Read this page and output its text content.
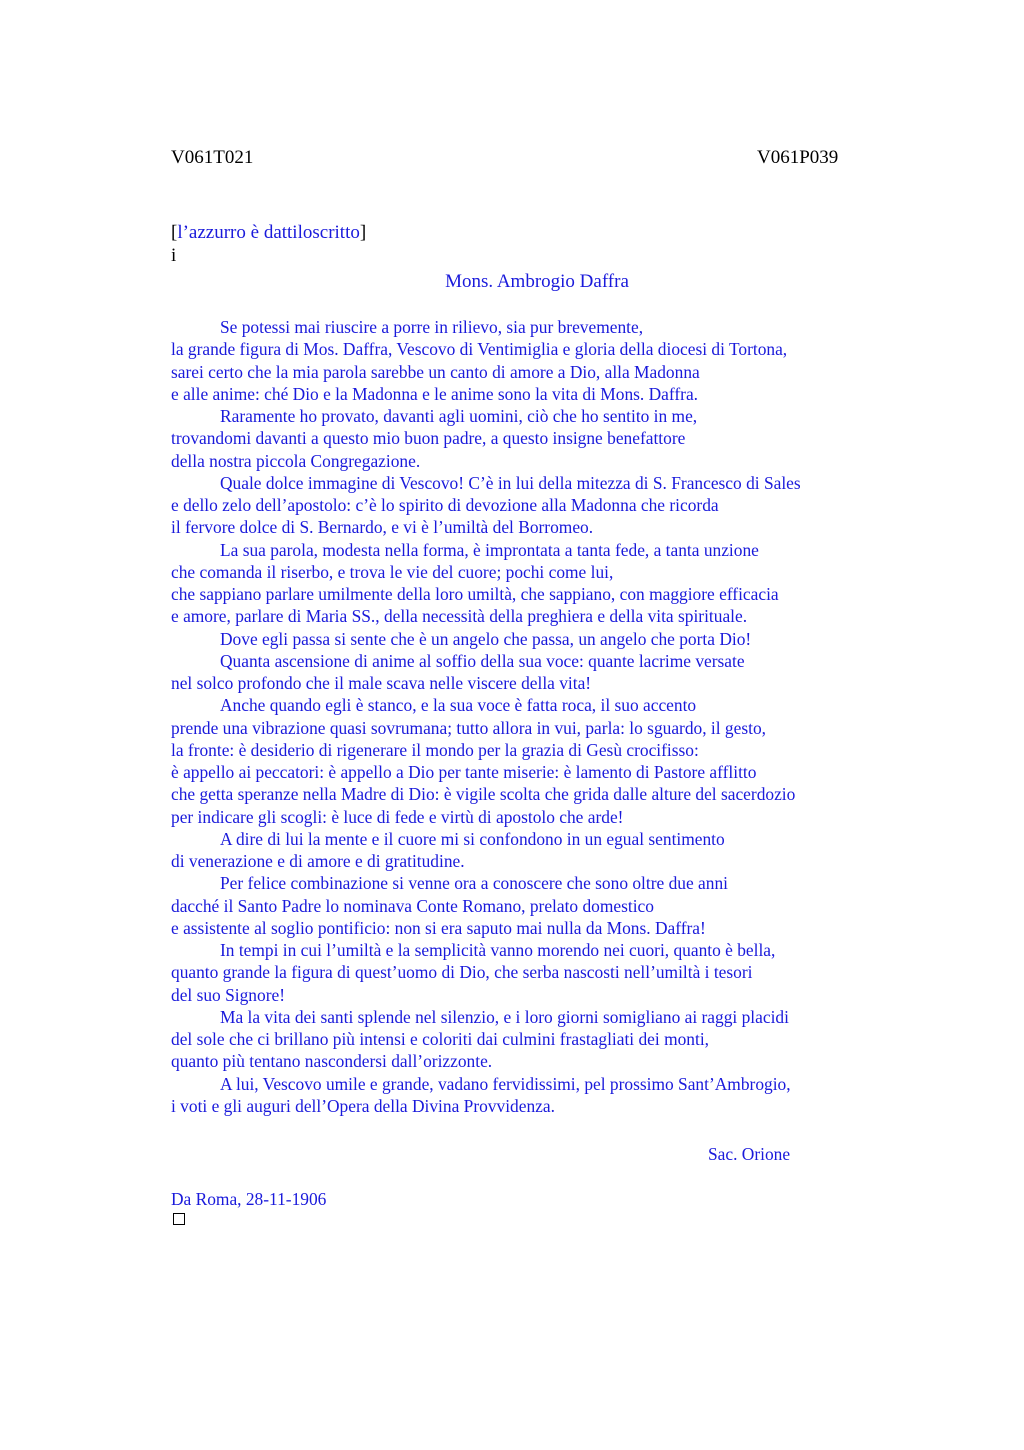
V061T021	V061P039
[l’azzurro è dattiloscritto]
i
Mons. Ambrogio Daffra
Se potessi mai riuscire a porre in rilievo, sia pur brevemente,
la grande figura di Mos. Daffra, Vescovo di Ventimiglia e gloria della diocesi di Tortona,
sarei certo che la mia parola sarebbe un canto di amore a Dio, alla Madonna
e alle anime: ché Dio e la Madonna e le anime sono la vita di Mons. Daffra.
Raramente ho provato, davanti agli uomini, ciò che ho sentito in me,
trovandomi davanti a questo mio buon padre, a questo insigne benefattore
della nostra piccola Congregazione.
Quale dolce immagine di Vescovo! C’è in lui della mitezza di S. Francesco di Sales
e dello zelo dell’apostolo: c’è lo spirito di devozione alla Madonna che ricorda
il fervore dolce di S. Bernardo, e vi è l’umiltà del Borromeo.
La sua parola, modesta nella forma, è improntata a tanta fede, a tanta unzione
che comanda il riserbo, e trova le vie del cuore; pochi come lui,
che sappiano parlare umilmente della loro umiltà, che sappiano, con maggiore efficacia
e amore, parlare di Maria SS., della necessità della preghiera e della vita spirituale.
Dove egli passa si sente che è un angelo che passa, un angelo che porta Dio!
Quanta ascensione di anime al soffio della sua voce: quante lacrime versate
nel solco profondo che il male scava nelle viscere della vita!
Anche quando egli è stanco, e la sua voce è fatta roca, il suo accento
prende una vibrazione quasi sovrumana; tutto allora in vui, parla: lo sguardo, il gesto,
la fronte: è desiderio di rigenerare il mondo per la grazia di Gesù crocifisso:
è appello ai peccatori: è appello a Dio per tante miserie: è lamento di Pastore afflitto
che getta speranze nella Madre di Dio: è vigile scolta che grida dalle alture del sacerdozio
per indicare gli scogli: è luce di fede e virtù di apostolo che arde!
A dire di lui la mente e il cuore mi si confondono in un egual sentimento
di venerazione e di amore e di gratitudine.
Per felice combinazione si venne ora a conoscere che sono oltre due anni
dacché il Santo Padre lo nominava Conte Romano, prelato domestico
e assistente al soglio pontificio: non si era saputo mai nulla da Mons. Daffra!
In tempi in cui l’umiltà e la semplicità vanno morendo nei cuori, quanto è bella,
quanto grande la figura di quest’uomo di Dio, che serba nascosti nell’umiltà i tesori
del suo Signore!
Ma la vita dei santi splende nel silenzio, e i loro giorni somigliano ai raggi placidi
del sole che ci brillano più intensi e coloriti dai culmini frastagliati dei monti,
quanto più tentano nascondersi dall’orizzonte.
A lui, Vescovo umile e grande, vadano fervidissimi, pel prossimo Sant’Ambrogio,
i voti e gli auguri dell’Opera della Divina Provvidenza.
Sac. Orione
Da Roma, 28-11-1906
